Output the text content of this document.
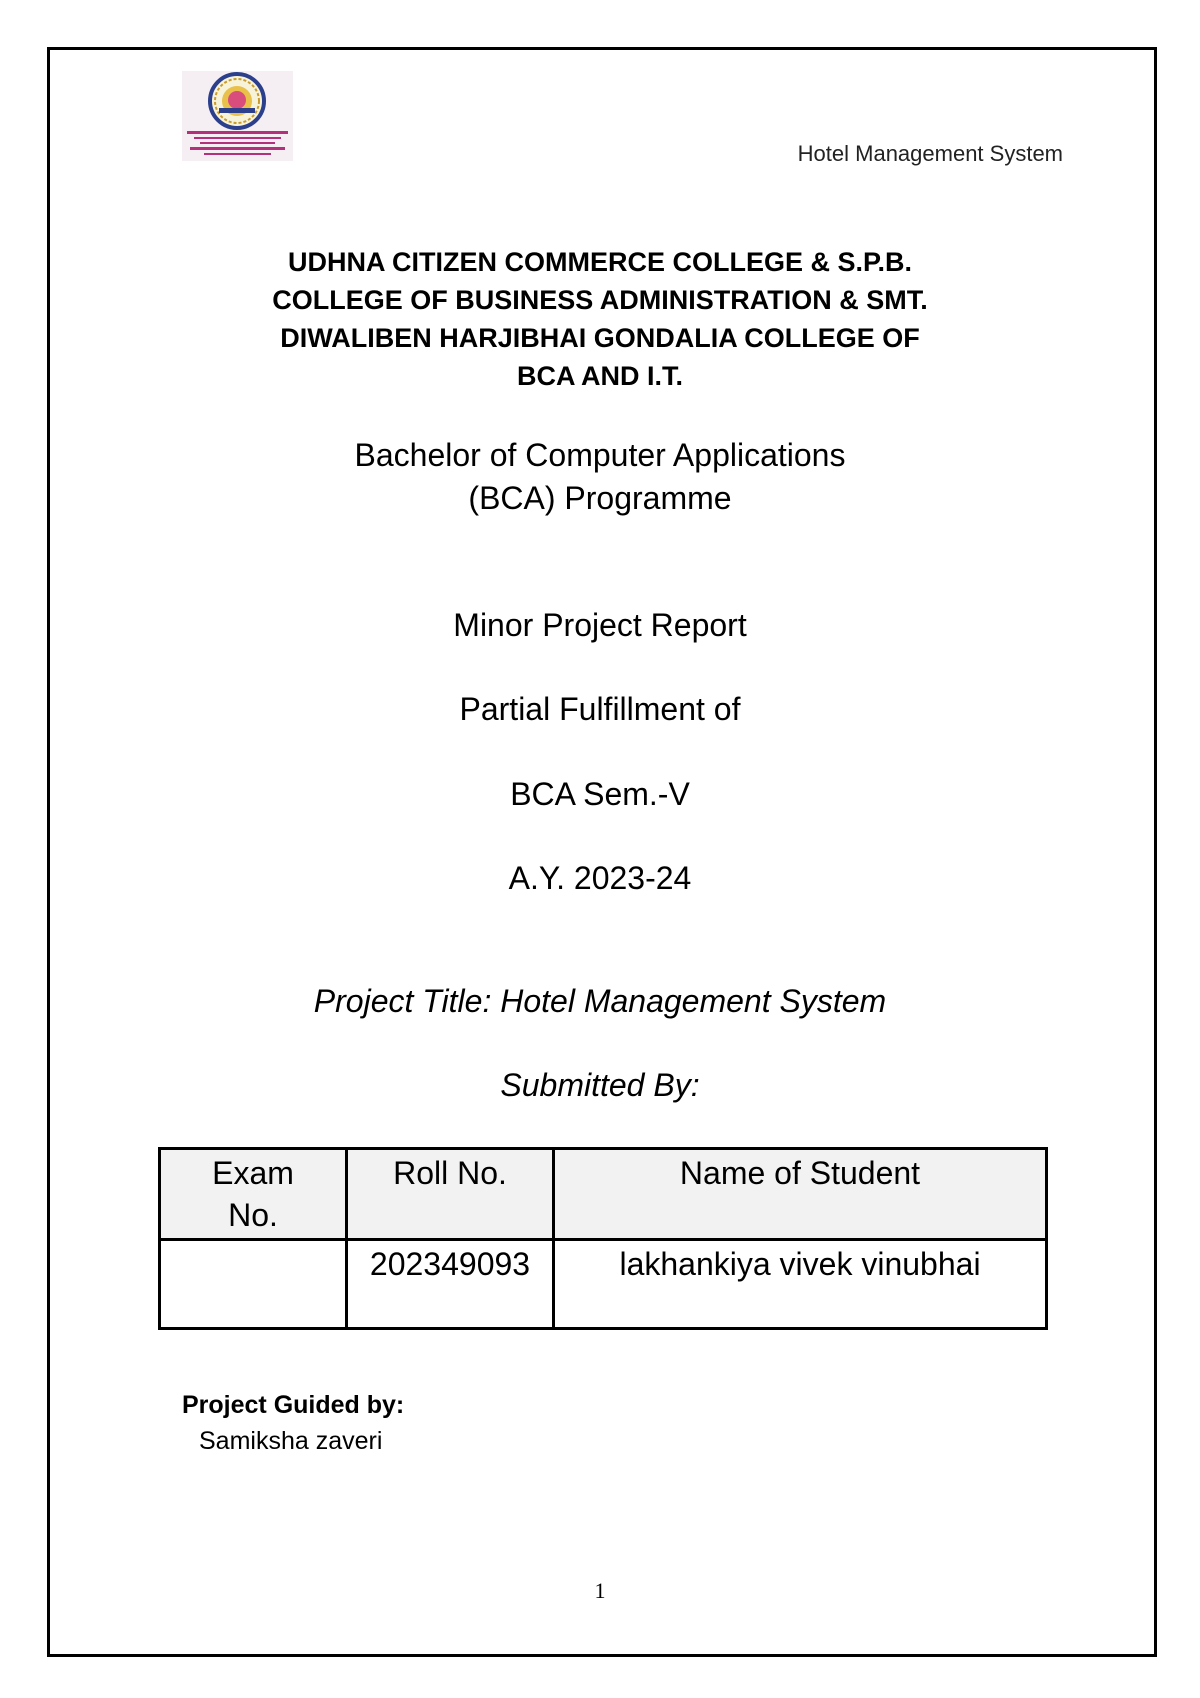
Hotel Management System
UDHNA CITIZEN COMMERCE COLLEGE & S.P.B.
COLLEGE OF BUSINESS ADMINISTRATION & SMT.
DIWALIBEN HARJIBHAI GONDALIA COLLEGE OF
BCA AND I.T.
Bachelor of Computer Applications
(BCA) Programme
Minor Project Report
Partial Fulfillment of
BCA Sem.-V
A.Y. 2023-24
Project Title: Hotel Management System
Submitted By:
Exam No.	Roll No.	Name of Student

	202349093	lakhankiya vivek vinubhai
Project Guided by:
Samiksha zaveri
1
